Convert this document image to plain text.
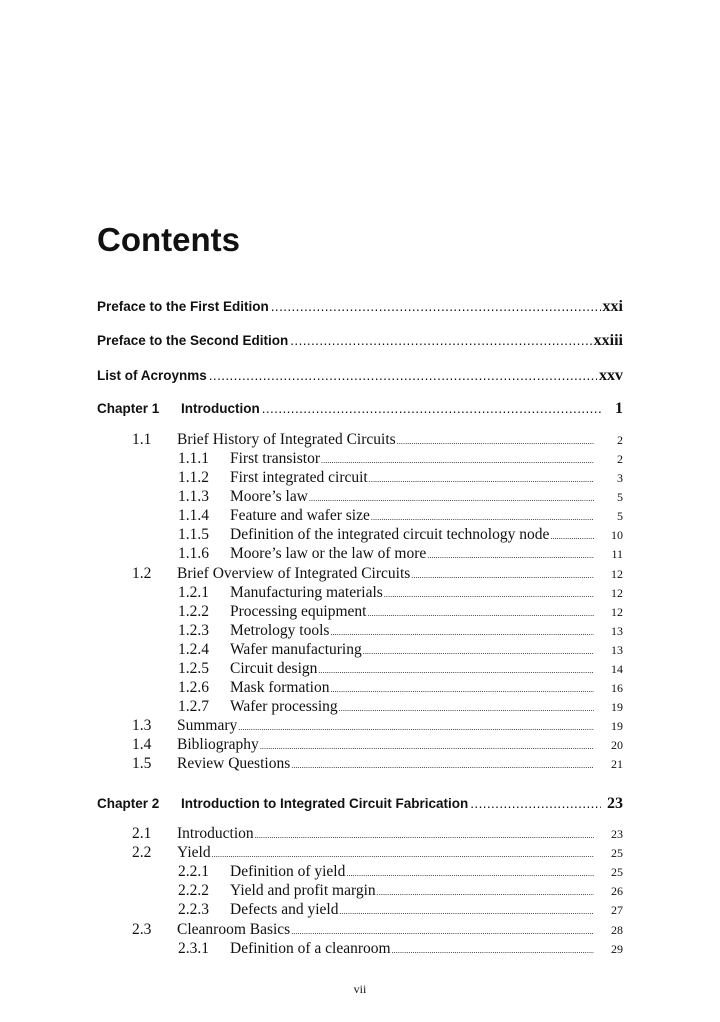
Contents
Preface to the First Edition .....	xxi
Preface to the Second Edition .....	xxiii
List of Acroynms .....	xxv
Chapter 1	Introduction .....	1
1.1	Brief History of Integrated Circuits .....	2
1.1.1	First transistor .....	2
1.1.2	First integrated circuit .....	3
1.1.3	Moore’s law .....	5
1.1.4	Feature and wafer size .....	5
1.1.5	Definition of the integrated circuit technology node .....	10
1.1.6	Moore’s law or the law of more .....	11
1.2	Brief Overview of Integrated Circuits .....	12
1.2.1	Manufacturing materials .....	12
1.2.2	Processing equipment .....	12
1.2.3	Metrology tools .....	13
1.2.4	Wafer manufacturing .....	13
1.2.5	Circuit design .....	14
1.2.6	Mask formation .....	16
1.2.7	Wafer processing .....	19
1.3	Summary .....	19
1.4	Bibliography .....	20
1.5	Review Questions .....	21
Chapter 2	Introduction to Integrated Circuit Fabrication .....	23
2.1	Introduction .....	23
2.2	Yield .....	25
2.2.1	Definition of yield .....	25
2.2.2	Yield and profit margin .....	26
2.2.3	Defects and yield .....	27
2.3	Cleanroom Basics .....	28
2.3.1	Definition of a cleanroom .....	29
vii
